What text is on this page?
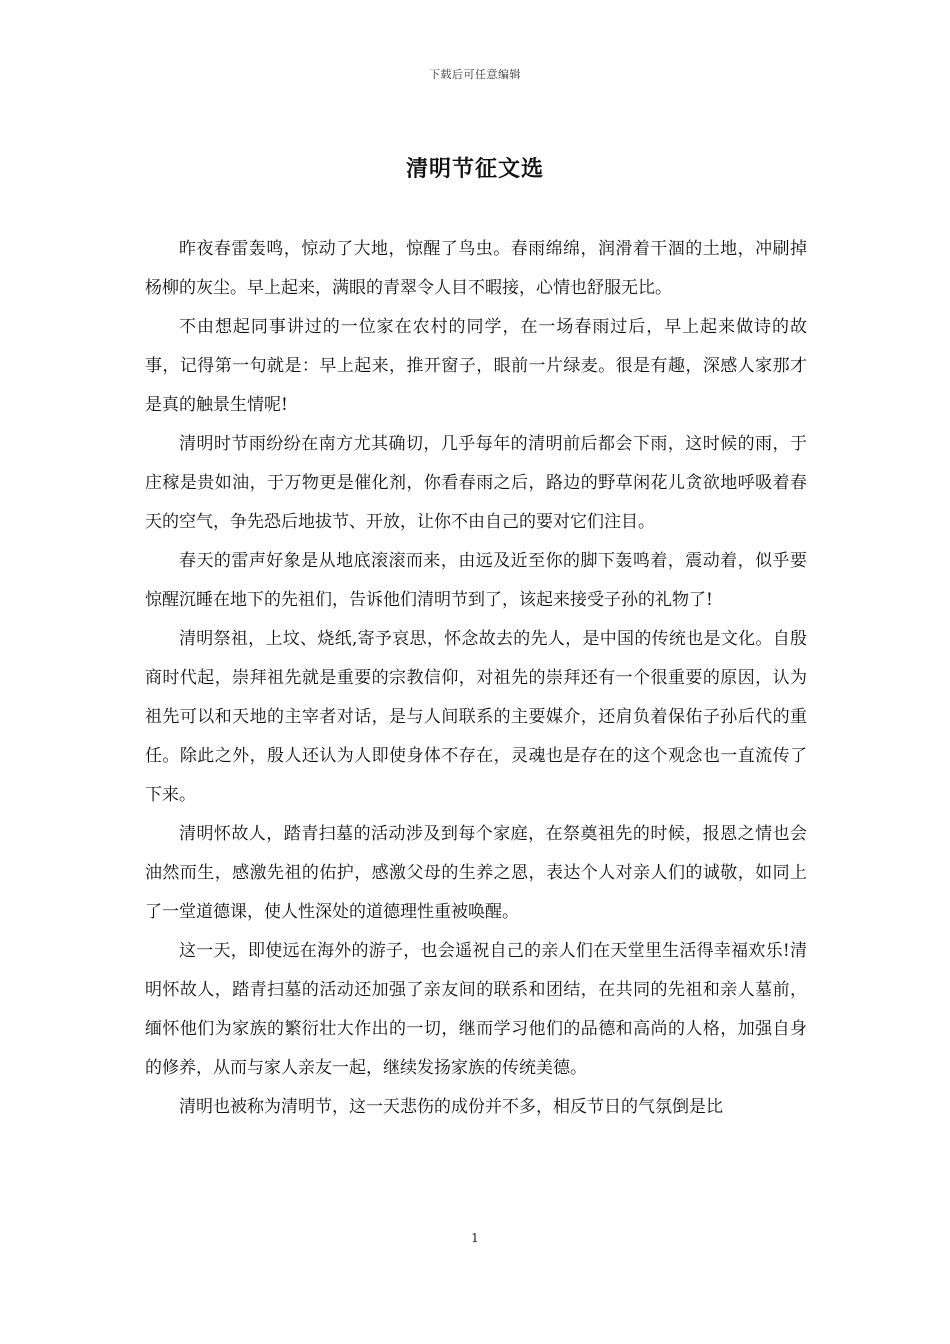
下载后可任意编辑
清明节征文选

昨夜春雷轰鸣，惊动了大地，惊醒了鸟虫。春雨绵绵，润滑着干涸的土地，冲刷掉杨柳的灰尘。早上起来，满眼的青翠令人目不暇接，心情也舒服无比。

不由想起同事讲过的一位家在农村的同学，在一场春雨过后，早上起来做诗的故事，记得第一句就是：早上起来，推开窗子，眼前一片绿麦。很是有趣，深感人家那才是真的触景生情呢!

清明时节雨纷纷在南方尤其确切，几乎每年的清明前后都会下雨，这时候的雨，于庄稼是贵如油，于万物更是催化剂，你看春雨之后，路边的野草闲花儿贪欲地呼吸着春天的空气，争先恐后地拔节、开放，让你不由自己的要对它们注目。

春天的雷声好象是从地底滚滚而来，由远及近至你的脚下轰鸣着，震动着，似乎要惊醒沉睡在地下的先祖们，告诉他们清明节到了，该起来接受子孙的礼物了!

清明祭祖，上坟、烧纸,寄予哀思，怀念故去的先人，是中国的传统也是文化。自殷商时代起，崇拜祖先就是重要的宗教信仰，对祖先的崇拜还有一个很重要的原因，认为祖先可以和天地的主宰者对话，是与人间联系的主要媒介，还肩负着保佑子孙后代的重任。除此之外，殷人还认为人即使身体不存在，灵魂也是存在的这个观念也一直流传了下来。

清明怀故人，踏青扫墓的活动涉及到每个家庭，在祭奠祖先的时候，报恩之情也会油然而生，感激先祖的佑护，感激父母的生养之恩，表达个人对亲人们的诚敬，如同上了一堂道德课，使人性深处的道德理性重被唤醒。

这一天，即使远在海外的游子，也会遥祝自己的亲人们在天堂里生活得幸福欢乐!清明怀故人，踏青扫墓的活动还加强了亲友间的联系和团结，在共同的先祖和亲人墓前，缅怀他们为家族的繁衍壮大作出的一切，继而学习他们的品德和高尚的人格，加强自身的修养，从而与家人亲友一起，继续发扬家族的传统美德。

清明也被称为清明节，这一天悲伤的成份并不多，相反节日的气氛倒是比

1
